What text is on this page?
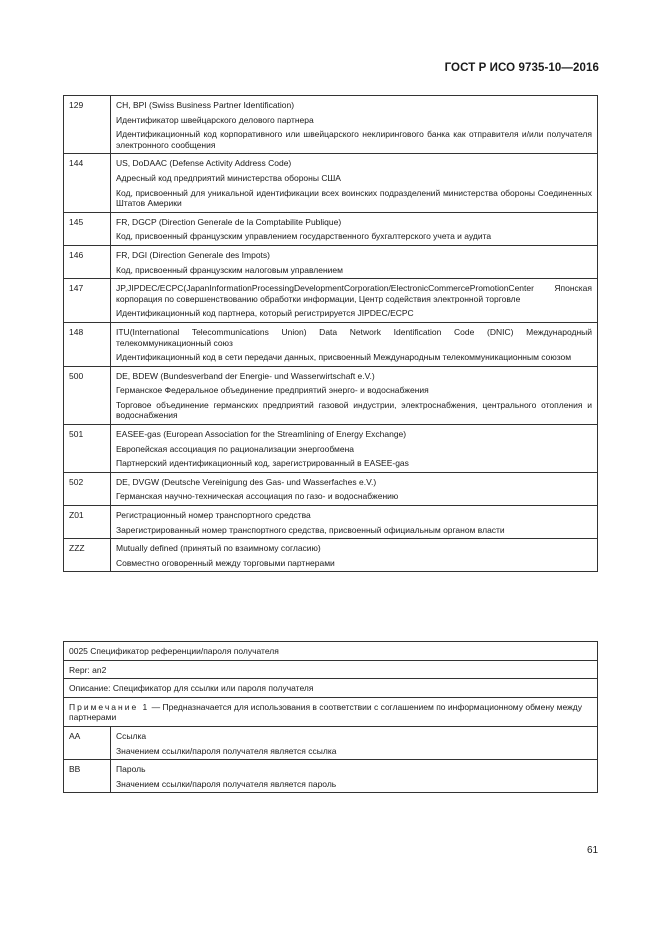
ГОСТ Р ИСО 9735-10—2016
129	CH, BPI (Swiss Business Partner Identification)
Идентификатор швейцарского делового партнера
Идентификационный код корпоративного или швейцарского неклирингового банка как отправителя и/или получателя электронного сообщения

144	US, DoDAAC (Defense Activity Address Code)
Адресный код предприятий министерства обороны США
Код, присвоенный для уникальной идентификации всех воинских подразделений министерства обороны Соединенных Штатов Америки

145	FR, DGCP (Direction Generale de la Comptabilite Publique)
Код, присвоенный французским управлением государственного бухгалтерского учета и аудита

146	FR, DGI (Direction Generale des Impots)
Код, присвоенный французским налоговым управлением

147	JP,JIPDEC/ECPC(JapanInformationProcessingDevelopmentCorporation/ElectronicCommercePromotionCenter Японская корпорация по совершенствованию обработки информации, Центр содействия электронной торговле
Идентификационный код партнера, который регистрируется JIPDEC/ECPC

148	ITU(International Telecommunications Union) Data Network Identification Code (DNIC) Международный телекоммуникационный союз
Идентификационный код в сети передачи данных, присвоенный Международным телекоммуникационным союзом

500	DE, BDEW (Bundesverband der Energie- und Wasserwirtschaft e.V.)
Германское Федеральное объединение предприятий энерго- и водоснабжения
Торговое объединение германских предприятий газовой индустрии, электроснабжения, центрального отопления и водоснабжения

501	EASEE-gas (European Association for the Streamlining of Energy Exchange)
Европейская ассоциация по рационализации энергообмена
Партнерский идентификационный код, зарегистрированный в EASEE-gas

502	DE, DVGW (Deutsche Vereinigung des Gas- und Wasserfaches e.V.)
Германская научно-техническая ассоциация по газо- и водоснабжению

Z01	Регистрационный номер транспортного средства
Зарегистрированный номер транспортного средства, присвоенный официальным органом власти

ZZZ	Mutually defined (принятый по взаимному согласию)
Совместно оговоренный между торговыми партнерами
0025 Спецификатор референции/пароля получателя	
Repr: an2	
Описание: Спецификатор для ссылки или пароля получателя	
Примечание 1 — Предназначается для использования в соответствии с соглашением по информационному обмену между партнерами	
AA	Ссылка
Значением ссылки/пароля получателя является ссылка

BB	Пароль
Значением ссылки/пароля получателя является пароль
61
